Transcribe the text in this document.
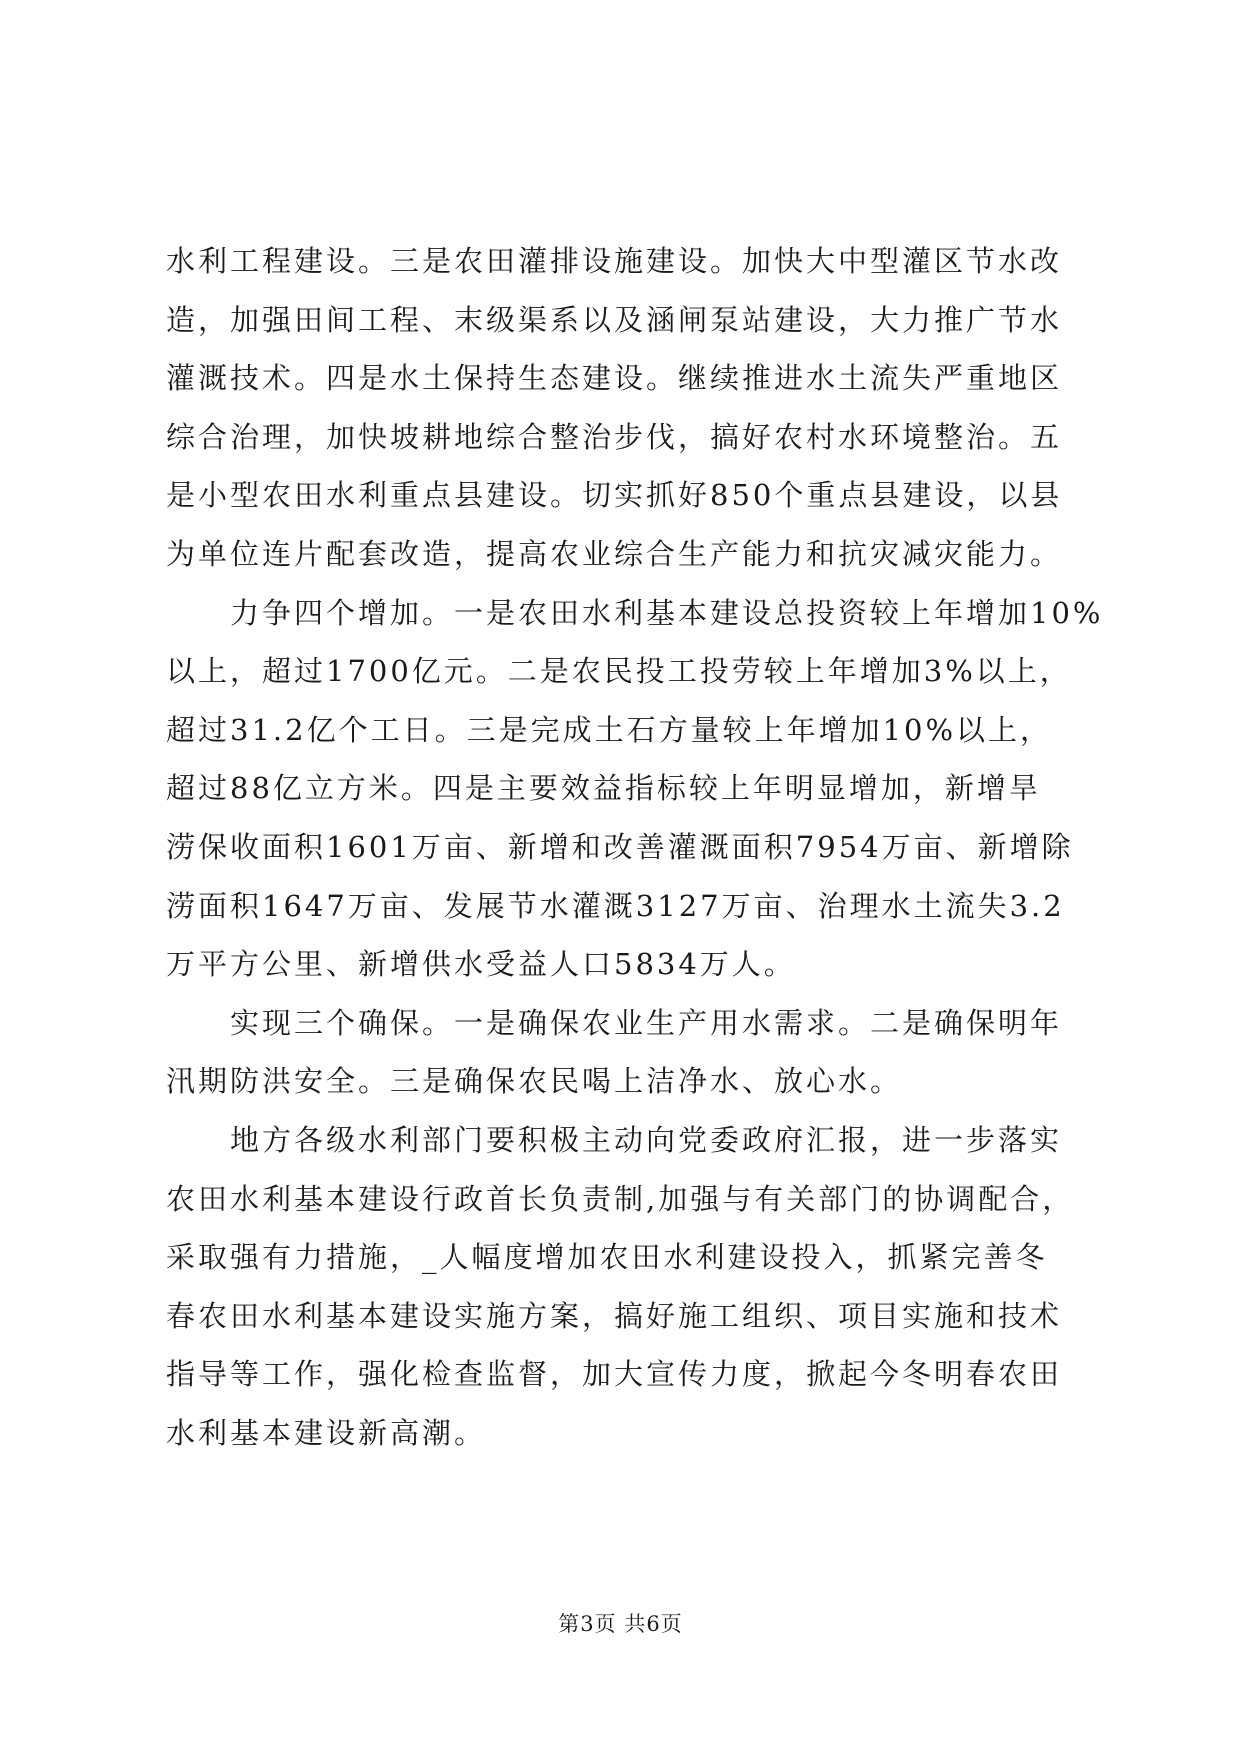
水利工程建设。三是农田灌排设施建设。加快大中型灌区节水改
造，加强田间工程、末级渠系以及涵闸泵站建设，大力推广节水
灌溉技术。四是水土保持生态建设。继续推进水土流失严重地区
综合治理，加快坡耕地综合整治步伐，搞好农村水环境整治。五
是小型农田水利重点县建设。切实抓好850个重点县建设，以县
为单位连片配套改造，提高农业综合生产能力和抗灾减灾能力。
力争四个增加。一是农田水利基本建设总投资较上年增加10%
以上，超过1700亿元。二是农民投工投劳较上年增加3%以上，
超过31.2亿个工日。三是完成土石方量较上年增加10%以上，
超过88亿立方米。四是主要效益指标较上年明显增加，新增旱
涝保收面积1601万亩、新增和改善灌溉面积7954万亩、新增除
涝面积1647万亩、发展节水灌溉3127万亩、治理水土流失3.2
万平方公里、新增供水受益人口5834万人。
实现三个确保。一是确保农业生产用水需求。二是确保明年
汛期防洪安全。三是确保农民喝上洁净水、放心水。
地方各级水利部门要积极主动向党委政府汇报，进一步落实
农田水利基本建设行政首长负责制,加强与有关部门的协调配合，
采取强有力措施，_人幅度增加农田水利建设投入，抓紧完善冬
春农田水利基本建设实施方案，搞好施工组织、项目实施和技术
指导等工作，强化检查监督，加大宣传力度，掀起今冬明春农田
水利基本建设新高潮。
第3页 共6页
